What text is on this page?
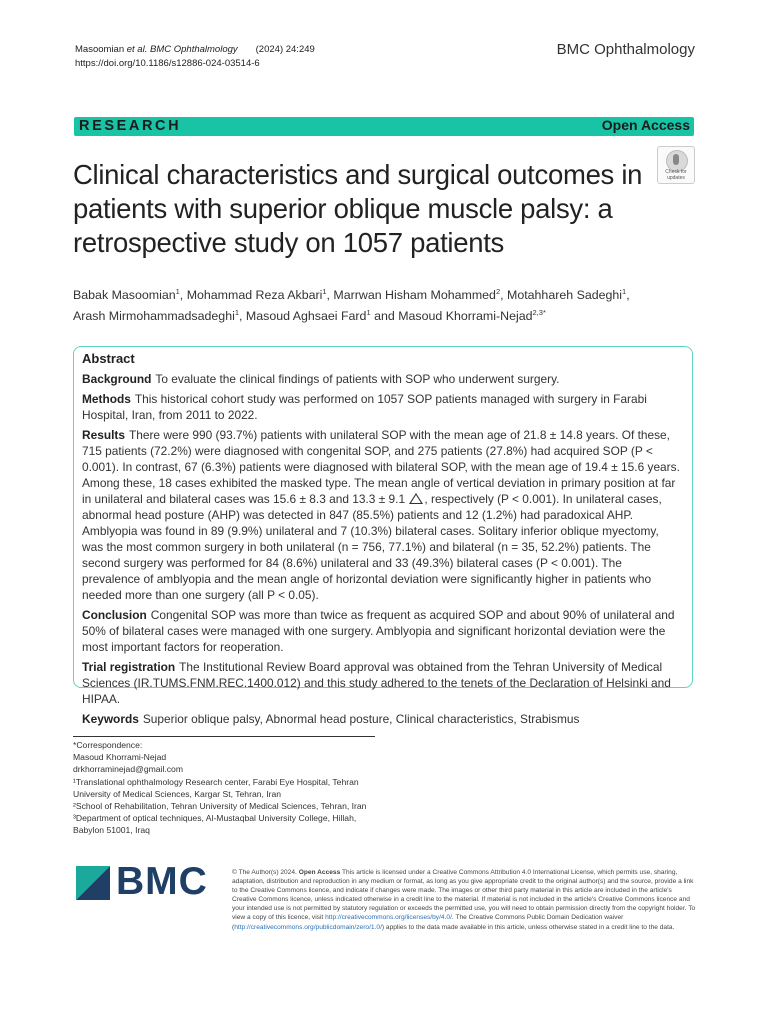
Masoomian et al. BMC Ophthalmology (2024) 24:249
https://doi.org/10.1186/s12886-024-03514-6
BMC Ophthalmology
RESEARCH	Open Access
Clinical characteristics and surgical outcomes in patients with superior oblique muscle palsy: a retrospective study on 1057 patients
Check for updates
Babak Masoomian$^1$, Mohammad Reza Akbari$^1$, Marrwan Hisham Mohammed$^2$, Motahhareh Sadeghi$^1$,
Arash Mirmohammadsadeghi$^1$, Masoud Aghsaei Fard$^1$ and Masoud Khorrami-Nejad$^{2,3*}$
Abstract
Background To evaluate the clinical findings of patients with SOP who underwent surgery.
Methods This historical cohort study was performed on 1057 SOP patients managed with surgery in Farabi Hospital, Iran, from 2011 to 2022.
Results There were 990 (93.7%) patients with unilateral SOP with the mean age of 21.8 ± 14.8 years. Of these, 715 patients (72.2%) were diagnosed with congenital SOP, and 275 patients (27.8%) had acquired SOP (P < 0.001). In contrast, 67 (6.3%) patients were diagnosed with bilateral SOP, with the mean age of 19.4 ± 15.6 years. Among these, 18 cases exhibited the masked type. The mean angle of vertical deviation in primary position at far in unilateral and bilateral cases was 15.6 ± 8.3 and 13.3 ± 9.1 , respectively (P < 0.001). In unilateral cases, abnormal head posture (AHP) was detected in 847 (85.5%) patients and 12 (1.2%) had paradoxical AHP. Amblyopia was found in 89 (9.9%) unilateral and 7 (10.3%) bilateral cases. Solitary inferior oblique myectomy, was the most common surgery in both unilateral (n = 756, 77.1%) and bilateral (n = 35, 52.2%) patients. The second surgery was performed for 84 (8.6%) unilateral and 33 (49.3%) bilateral cases (P < 0.001). The prevalence of amblyopia and the mean angle of horizontal deviation were significantly higher in patients who needed more than one surgery (all P < 0.05).
Conclusion Congenital SOP was more than twice as frequent as acquired SOP and about 90% of unilateral and 50% of bilateral cases were managed with one surgery. Amblyopia and significant horizontal deviation were the most important factors for reoperation.
Trial registration The Institutional Review Board approval was obtained from the Tehran University of Medical Sciences (IR.TUMS.FNM.REC.1400.012) and this study adhered to the tenets of the Declaration of Helsinki and HIPAA.
Keywords Superior oblique palsy, Abnormal head posture, Clinical characteristics, Strabismus
*Correspondence:
Masoud Khorrami-Nejad
drkhorraminejad@gmail.com
¹Translational ophthalmology Research center, Farabi Eye Hospital, Tehran University of Medical Sciences, Kargar St, Tehran, Iran
²School of Rehabilitation, Tehran University of Medical Sciences, Tehran, Iran
³Department of optical techniques, Al-Mustaqbal University College, Hillah, Babylon 51001, Iraq
BMC	© The Author(s) 2024. Open Access This article is licensed under a Creative Commons Attribution 4.0 International License, which permits use, sharing, adaptation, distribution and reproduction in any medium or format, as long as you give appropriate credit to the original author(s) and the source, provide a link to the Creative Commons licence, and indicate if changes were made. The images or other third party material in this article are included in the article's Creative Commons licence, unless indicated otherwise in a credit line to the material. If material is not included in the article's Creative Commons licence and your intended use is not permitted by statutory regulation or exceeds the permitted use, you will need to obtain permission directly from the copyright holder. To view a copy of this licence, visit http://creativecommons.org/licenses/by/4.0/. The Creative Commons Public Domain Dedication waiver (http://creativecommons.org/publicdomain/zero/1.0/) applies to the data made available in this article, unless otherwise stated in a credit line to the data.
